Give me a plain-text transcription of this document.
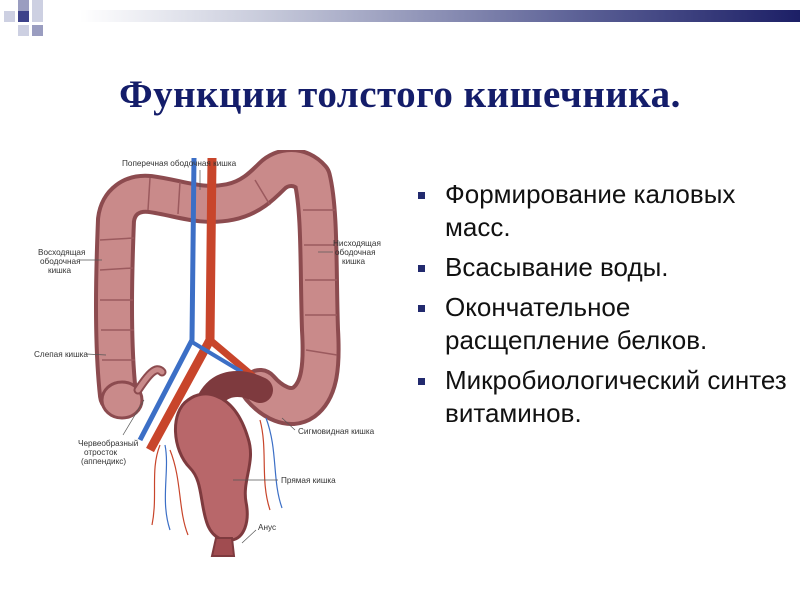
Функции толстого кишечника.
Поперечная ободочная кишка
Восходящая
ободочная
кишка
Нисходящая
ободочная
кишка
Слепая кишка
Сигмовидная кишка
Червеобразный
отросток
(аппендикс)
Прямая кишка
Анус
Формирование каловых масс.
Всасывание воды.
Окончательное расщепление белков.
Микробиологический синтез витаминов.
